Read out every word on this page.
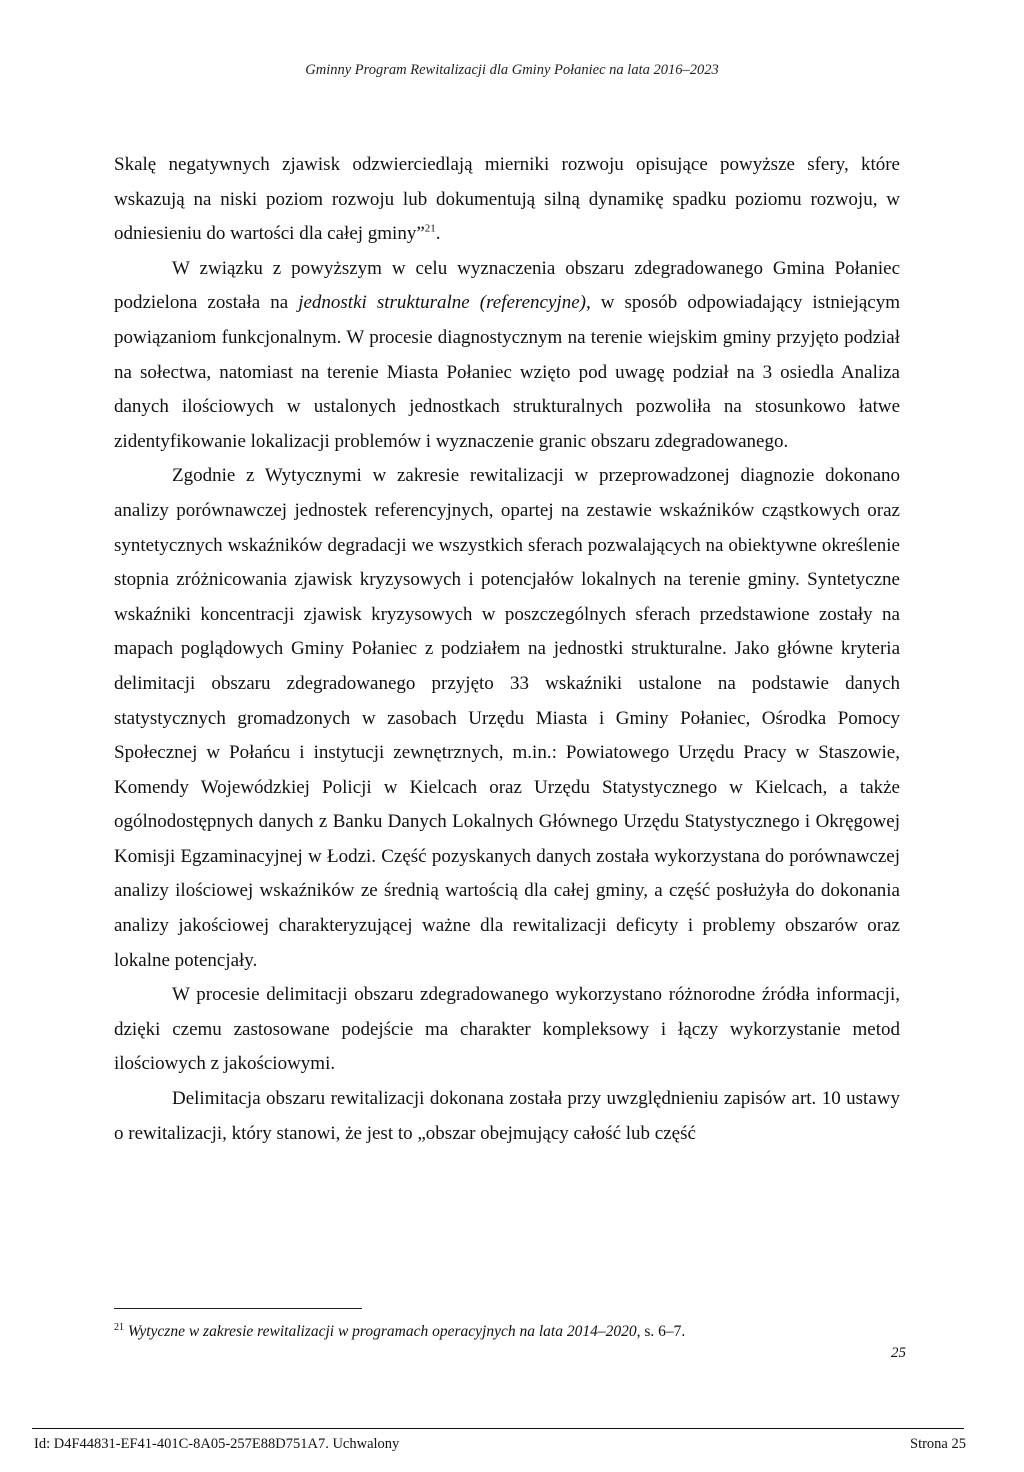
Gminny Program Rewitalizacji dla Gminy Połaniec na lata 2016–2023

Skalę negatywnych zjawisk odzwierciedlają mierniki rozwoju opisujące powyższe sfery, które wskazują na niski poziom rozwoju lub dokumentują silną dynamikę spadku poziomu rozwoju, w odniesieniu do wartości dla całej gminy”$^{21}$.

W związku z powyższym w celu wyznaczenia obszaru zdegradowanego Gmina Połaniec podzielona została na jednostki strukturalne (referencyjne), w sposób odpowiadający istniejącym powiązaniom funkcjonalnym. W procesie diagnostycznym na terenie wiejskim gminy przyjęto podział na sołectwa, natomiast na terenie Miasta Połaniec wzięto pod uwagę podział na 3 osiedla Analiza danych ilościowych w ustalonych jednostkach strukturalnych pozwoliła na stosunkowo łatwe zidentyfikowanie lokalizacji problemów i wyznaczenie granic obszaru zdegradowanego.

Zgodnie z Wytycznymi w zakresie rewitalizacji w przeprowadzonej diagnozie dokonano analizy porównawczej jednostek referencyjnych, opartej na zestawie wskaźników cząstkowych oraz syntetycznych wskaźników degradacji we wszystkich sferach pozwalających na obiektywne określenie stopnia zróżnicowania zjawisk kryzysowych i potencjałów lokalnych na terenie gminy. Syntetyczne wskaźniki koncentracji zjawisk kryzysowych w poszczególnych sferach przedstawione zostały na mapach poglądowych Gminy Połaniec z podziałem na jednostki strukturalne. Jako główne kryteria delimitacji obszaru zdegradowanego przyjęto 33 wskaźniki ustalone na podstawie danych statystycznych gromadzonych w zasobach Urzędu Miasta i Gminy Połaniec, Ośrodka Pomocy Społecznej w Połańcu i instytucji zewnętrznych, m.in.: Powiatowego Urzędu Pracy w Staszowie, Komendy Wojewódzkiej Policji w Kielcach oraz Urzędu Statystycznego w Kielcach, a także ogólnodostępnych danych z Banku Danych Lokalnych Głównego Urzędu Statystycznego i Okręgowej Komisji Egzaminacyjnej w Łodzi. Część pozyskanych danych została wykorzystana do porównawczej analizy ilościowej wskaźników ze średnią wartością dla całej gminy, a część posłużyła do dokonania analizy jakościowej charakteryzującej ważne dla rewitalizacji deficyty i problemy obszarów oraz lokalne potencjały.

W procesie delimitacji obszaru zdegradowanego wykorzystano różnorodne źródła informacji, dzięki czemu zastosowane podejście ma charakter kompleksowy i łączy wykorzystanie metod ilościowych z jakościowymi.

Delimitacja obszaru rewitalizacji dokonana została przy uwzględnieniu zapisów art. 10 ustawy o rewitalizacji, który stanowi, że jest to „obszar obejmujący całość lub część

$^{21}$ Wytyczne w zakresie rewitalizacji w programach operacyjnych na lata 2014–2020, s. 6–7.
25
Id: D4F44831-EF41-401C-8A05-257E88D751A7. Uchwalony	Strona 25
